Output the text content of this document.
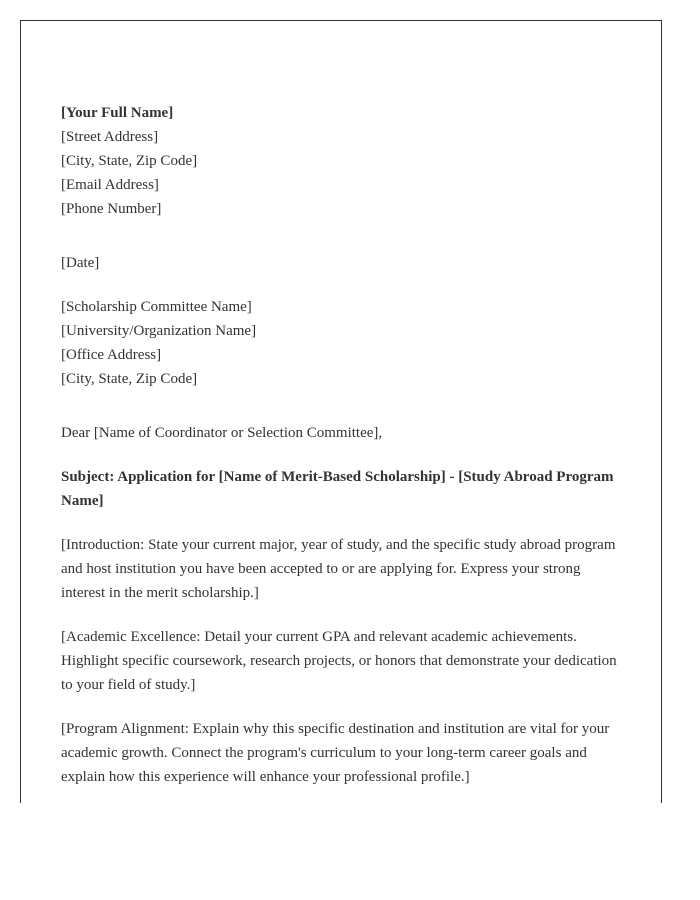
[Your Full Name]
[Street Address]
[City, State, Zip Code]
[Email Address]
[Phone Number]
[Date]
[Scholarship Committee Name]
[University/Organization Name]
[Office Address]
[City, State, Zip Code]

Dear [Name of Coordinator or Selection Committee],

Subject: Application for [Name of Merit-Based Scholarship] - [Study Abroad Program Name]

[Introduction: State your current major, year of study, and the specific study abroad program and host institution you have been accepted to or are applying for. Express your strong interest in the merit scholarship.]

[Academic Excellence: Detail your current GPA and relevant academic achievements. Highlight specific coursework, research projects, or honors that demonstrate your dedication to your field of study.]

[Program Alignment: Explain why this specific destination and institution are vital for your academic growth. Connect the program's curriculum to your long-term career goals and explain how this experience will enhance your professional profile.]
